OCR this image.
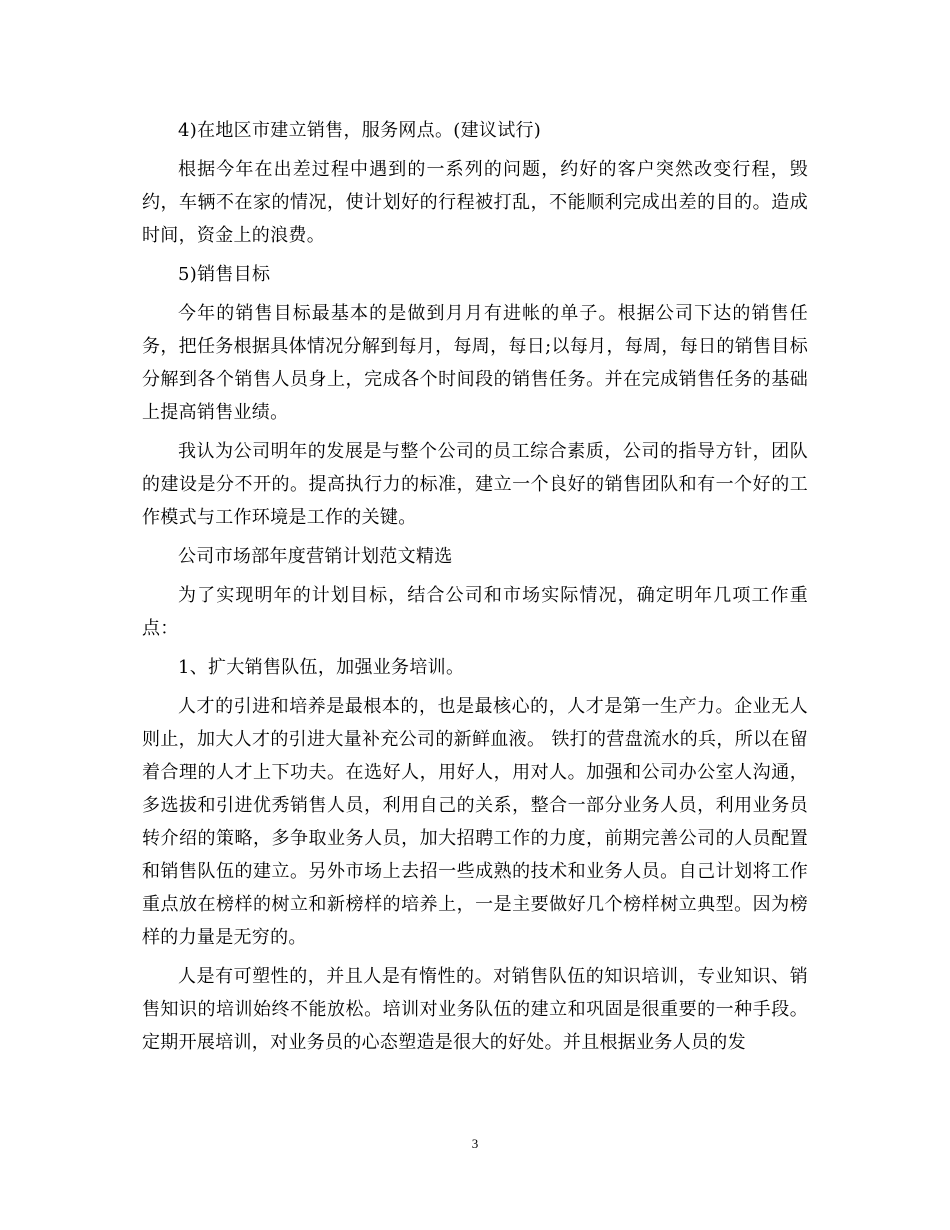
4)在地区市建立销售，服务网点。(建议试行)

根据今年在出差过程中遇到的一系列的问题，约好的客户突然改变行程，毁约，车辆不在家的情况，使计划好的行程被打乱，不能顺利完成出差的目的。造成时间，资金上的浪费。

5)销售目标

今年的销售目标最基本的是做到月月有进帐的单子。根据公司下达的销售任务，把任务根据具体情况分解到每月，每周，每日;以每月，每周，每日的销售目标分解到各个销售人员身上，完成各个时间段的销售任务。并在完成销售任务的基础上提高销售业绩。

我认为公司明年的发展是与整个公司的员工综合素质，公司的指导方针，团队的建设是分不开的。提高执行力的标准，建立一个良好的销售团队和有一个好的工作模式与工作环境是工作的关键。

公司市场部年度营销计划范文精选

为了实现明年的计划目标，结合公司和市场实际情况，确定明年几项工作重点：

1、扩大销售队伍，加强业务培训。

人才的引进和培养是最根本的，也是最核心的，人才是第一生产力。企业无人则止，加大人才的引进大量补充公司的新鲜血液。 铁打的营盘流水的兵，所以在留着合理的人才上下功夫。在选好人，用好人，用对人。加强和公司办公室人沟通，多选拔和引进优秀销售人员，利用自己的关系，整合一部分业务人员，利用业务员转介绍的策略，多争取业务人员，加大招聘工作的力度，前期完善公司的人员配置和销售队伍的建立。另外市场上去招一些成熟的技术和业务人员。自己计划将工作重点放在榜样的树立和新榜样的培养上，一是主要做好几个榜样树立典型。因为榜样的力量是无穷的。

人是有可塑性的，并且人是有惰性的。对销售队伍的知识培训，专业知识、销售知识的培训始终不能放松。培训对业务队伍的建立和巩固是很重要的一种手段。定期开展培训，对业务员的心态塑造是很大的好处。并且根据业务人员的发

3
